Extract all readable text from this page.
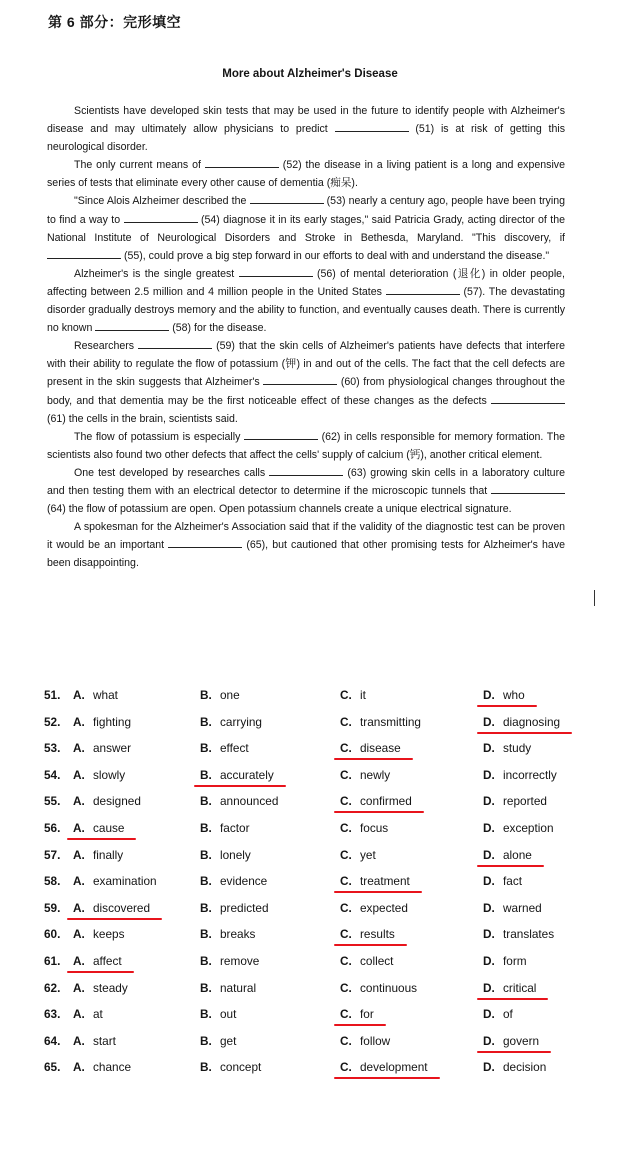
第 6 部分：完形填空
More about Alzheimer's Disease

Scientists have developed skin tests that may be used in the future to identify people with Alzheimer's disease and may ultimately allow physicians to predict	(51) is at risk of getting this neurological disorder.

The only current means of	(52) the disease in a living patient is a long and expensive series of tests that eliminate every other cause of dementia (痴呆).

"Since Alois Alzheimer described the	(53) nearly a century ago, people have been trying to find a way to	(54) diagnose it in its early stages," said Patricia Grady, acting director of the National Institute of Neurological Disorders and Stroke in Bethesda, Maryland. "This discovery, if  (55), could prove a big step forward in our efforts to deal with and understand the disease."

Alzheimer's is the single greatest	(56) of mental deterioration (退化) in older people, affecting between 2.5 million and 4 million people in the United States	(57). The devastating disorder gradually destroys memory and the ability to function, and eventually causes death. There is currently no known	(58) for the disease.

Researchers	(59) that the skin cells of Alzheimer's patients have defects that interfere with their ability to regulate the flow of potassium (钾) in and out of the cells. The fact that the cell defects are present in the skin suggests that Alzheimer's	(60) from physiological changes throughout the body, and that dementia may be the first noticeable effect of these changes as the defects  (61) the cells in the brain, scientists said.

The flow of potassium is especially	(62) in cells responsible for memory formation. The scientists also found two other defects that affect the cells' supply of calcium (钙), another critical element.

One test developed by researches calls	(63) growing skin cells in a laboratory culture and then testing them with an electrical detector to determine if the microscopic tunnels that  (64) the flow of potassium are open. Open potassium channels create a unique electrical signature.

A spokesman for the Alzheimer's Association said that if the validity of the diagnostic test can be proven it would be an important	(65), but cautioned that other promising tests for Alzheimer's have been disappointing.

51.	A. what	B. one	C. it	D. who
52.	A. fighting	B. carrying	C. transmitting	D. diagnosing
53.	A. answer	B. effect	C. disease	D. study
54.	A. slowly	B. accurately	C. newly	D. incorrectly
55.	A. designed	B. announced	C. confirmed	D. reported
56.	A. cause	B. factor	C. focus	D. exception
57.	A. finally	B. lonely	C. yet	D. alone
58.	A. examination	B. evidence	C. treatment	D. fact
59.	A. discovered	B. predicted	C. expected	D. warned
60.	A. keeps	B. breaks	C. results	D. translates
61.	A. affect	B. remove	C. collect	D. form
62.	A. steady	B. natural	C. continuous	D. critical
63.	A. at	B. out	C. for	D. of
64.	A. start	B. get	C. follow	D. govern
65.	A. chance	B. concept	C. development	D. decision
